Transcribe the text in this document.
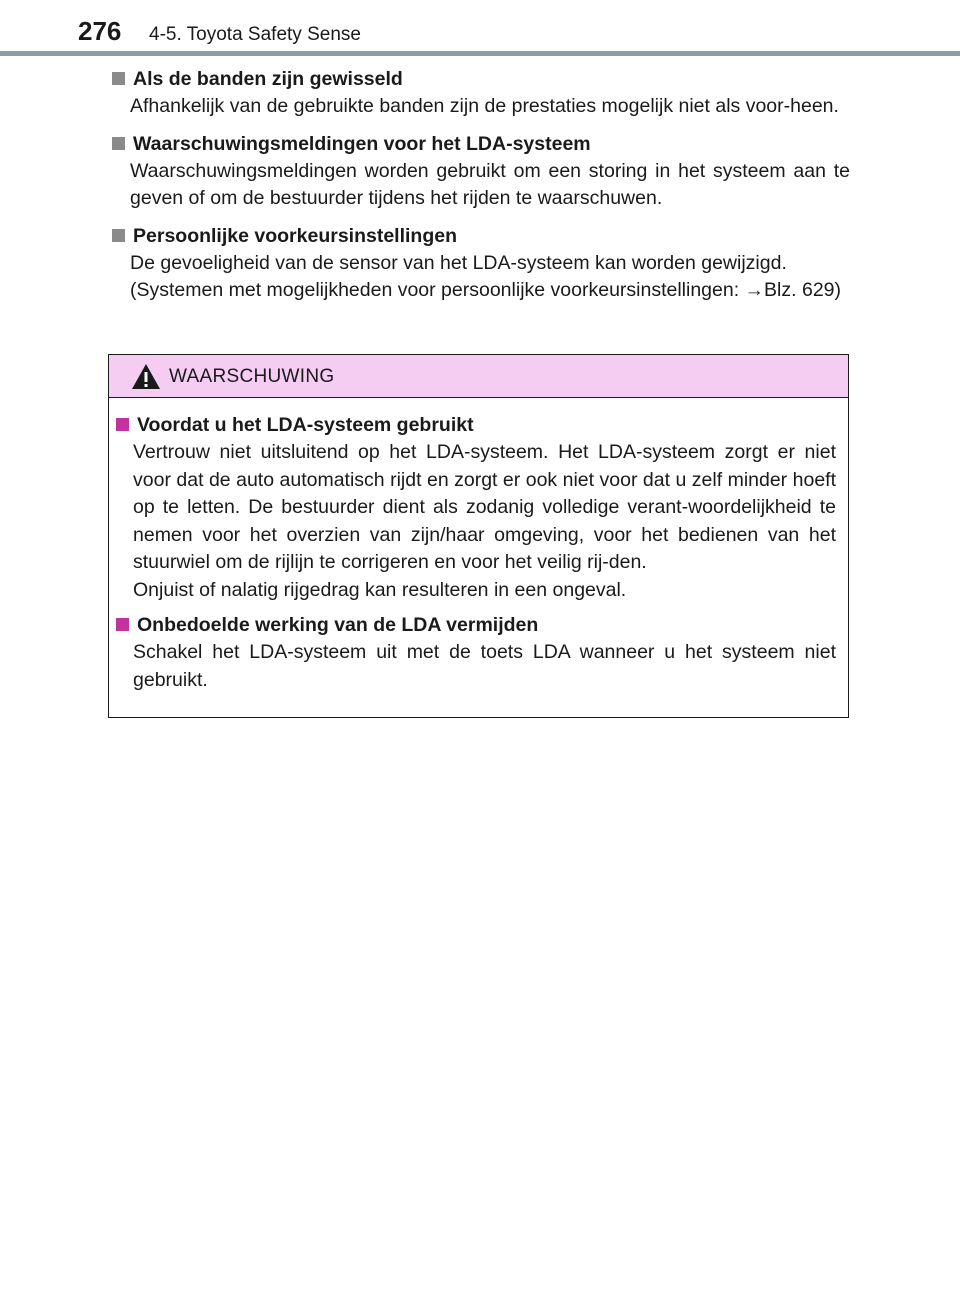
276 4-5. Toyota Safety Sense
Als de banden zijn gewisseld

Afhankelijk van de gebruikte banden zijn de prestaties mogelijk niet als voor-heen.

Waarschuwingsmeldingen voor het LDA-systeem

Waarschuwingsmeldingen worden gebruikt om een storing in het systeem aan te geven of om de bestuurder tijdens het rijden te waarschuwen.

Persoonlijke voorkeursinstellingen

De gevoeligheid van de sensor van het LDA-systeem kan worden gewijzigd.

(Systemen met mogelijkheden voor persoonlijke voorkeursinstellingen: →Blz. 629)

WAARSCHUWING
Voordat u het LDA-systeem gebruikt

Vertrouw niet uitsluitend op het LDA-systeem. Het LDA-systeem zorgt er niet voor dat de auto automatisch rijdt en zorgt er ook niet voor dat u zelf minder hoeft op te letten. De bestuurder dient als zodanig volledige verant-woordelijkheid te nemen voor het overzien van zijn/haar omgeving, voor het bedienen van het stuurwiel om de rijlijn te corrigeren en voor het veilig rij-den.

Onjuist of nalatig rijgedrag kan resulteren in een ongeval.

Onbedoelde werking van de LDA vermijden

Schakel het LDA-systeem uit met de toets LDA wanneer u het systeem niet gebruikt.
